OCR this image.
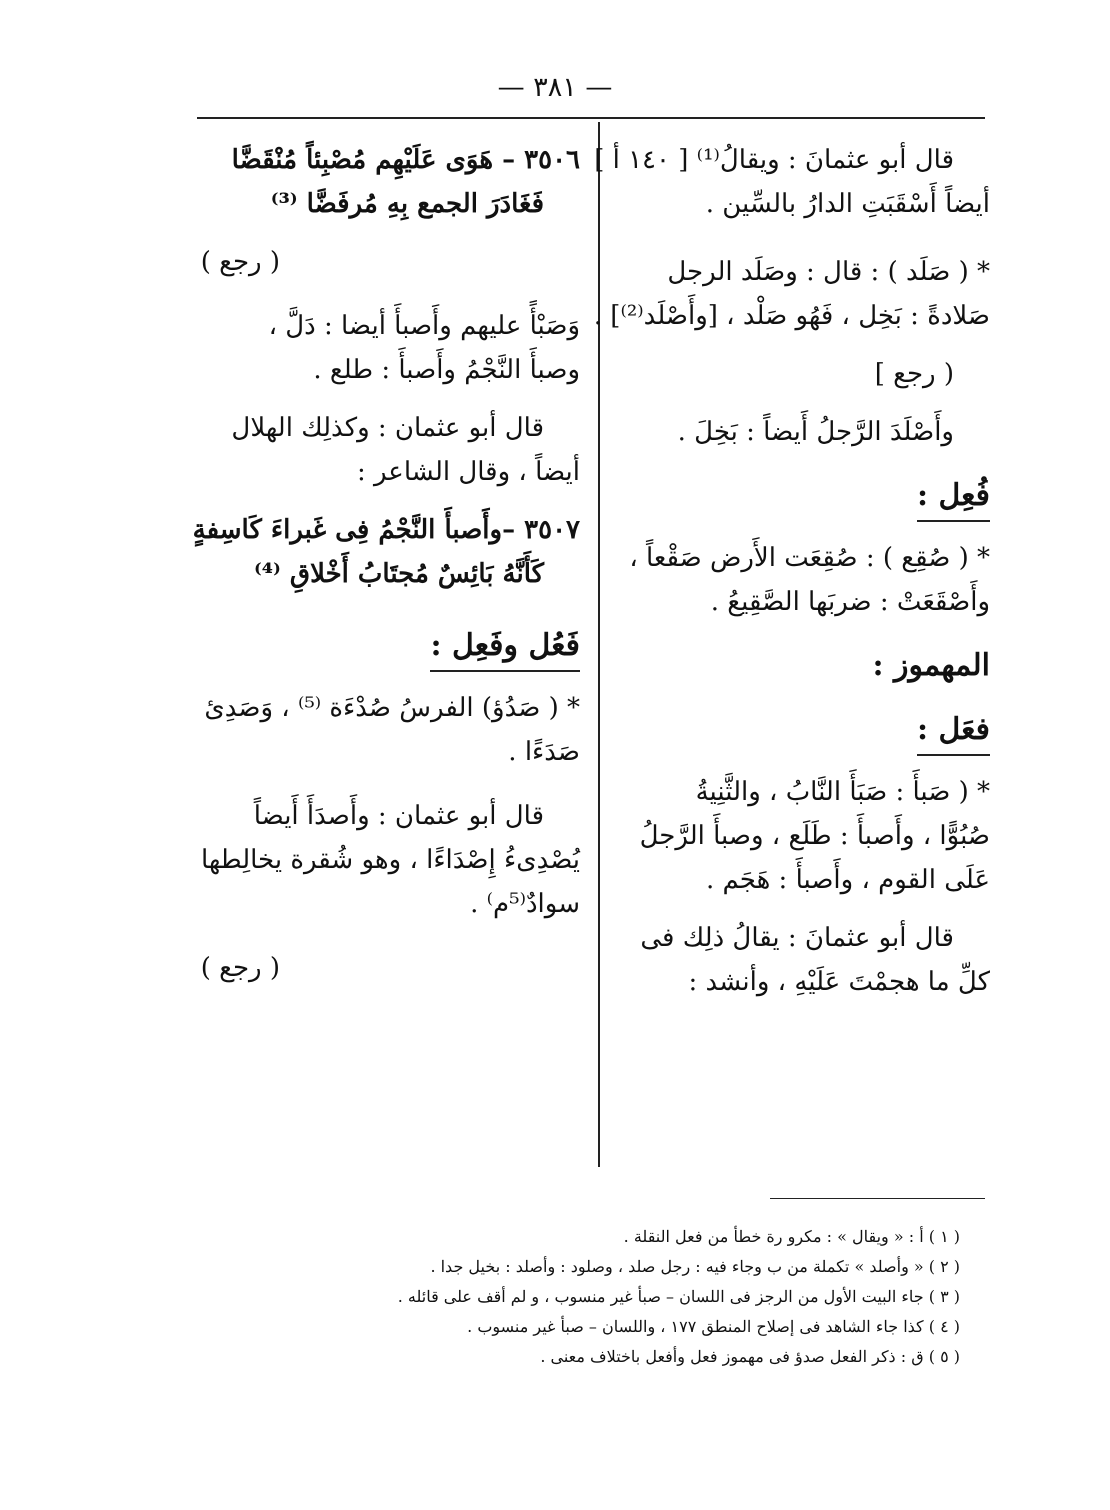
— ٣٨١ —
قال أبو عثمانَ : ويقالُ⁽¹⁾ [ ١٤٠ أ ]
أيضاً أَسْقَبَتِ الدارُ بالسِّين .
* ( صَلَد ) : قال : وصَلَد الرجل
صَلادةً : بَخِل ، فَهُو صَلْد ، [وأَصْلَد⁽²⁾] .
( رجع ]
وأَصْلَدَ الرَّجلُ أَيضاً : بَخِلَ .
فُعِل :
* ( صُقِع ) : صُقِعَت الأَرض صَقْعاً ،
وأَصْقَعَتْ : ضربَها الصَّقِيعُ .
المهموز :
فعَل :
* ( صَبأَ : صَبَأَ النَّابُ ، والثَّنِيةُ
صُبُوًّا ، وأَصبأَ : طَلَع ، وصبأَ الرَّجلُ
عَلَى القوم ، وأَصبأَ : هَجَم .
قال أبو عثمانَ : يقالُ ذلِك فى
كلِّ ما هجمْتَ عَلَيْهِ ، وأنشد :
٣٥٠٦ – هَوَى عَلَيْهِم مُصْبِئاً مُنْقَضَّا
فَغَادَرَ الجمع بِهِ مُرفَضَّا ⁽³⁾
( رجع )
وَصَبْأً عليهم وأَصبأَ أيضا : دَلَّ ،
وصبأَ النَّجْمُ وأَصبأَ : طلع .
قال أبو عثمان : وكذلِك الهلال
أيضاً ، وقال الشاعر :
٣٥٠٧ –وأَصبأَ النَّجْمُ فِى غَبراءَ كَاسِفةٍ
كَأَنَّهُ بَائِسٌ مُجتَابُ أَخْلاقِ ⁽⁴⁾
فَعُل وفَعِل :
* ( صَدُؤ) الفرسُ صُدْءَة ⁽⁵⁾ ، وَصَدِئ
صَدَءًا .
قال أبو عثمان : وأَصدَأَ أَيضاً
يُصْدِىءُ إِصْدَاءًا ، وهو شُقرة يخالِطها
سوادٌ⁽⁵م⁾ .
( رجع )
( ١ ) أ : « ويقال » : مكرو رة خطأ من فعل النقلة .
( ٢ ) « وأصلد » تكملة من ب وجاء فيه : رجل صلد ، وصلود : وأصلد : بخيل جدا .
( ٣ ) جاء البيت الأول من الرجز فى اللسان – صبأ غير منسوب ، و لم أقف على قائله .
( ٤ ) كذا جاء الشاهد فى إصلاح المنطق ١٧٧ ، واللسان – صبأ غير منسوب .
( ٥ ) ق : ذكر الفعل صدؤ فى مهموز فعل وأفعل باختلاف معنى .
